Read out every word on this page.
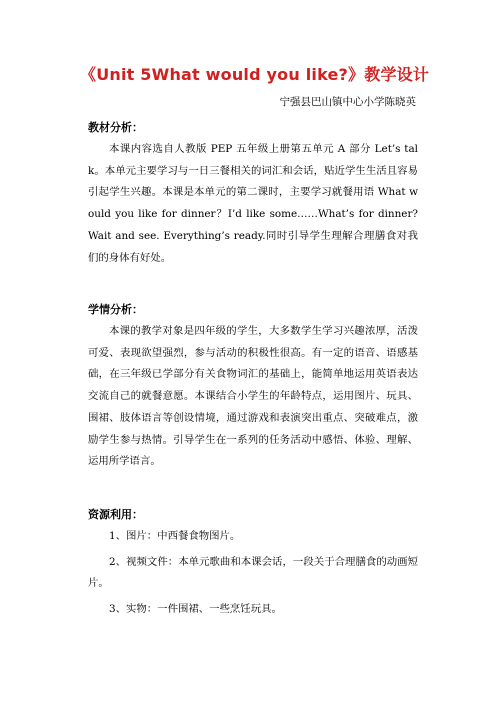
《Unit 5What would you like?》教学设计
宁强县巴山镇中心小学陈晓英

教材分析：

本课内容选自人教版 PEP 五年级上册第五单元 A 部分 Let’s talk。本单元主要学习与一日三餐相关的词汇和会话，贴近学生生活且容易引起学生兴趣。本课是本单元的第二课时，主要学习就餐用语 What would you like for dinner？I’d like some……What’s for dinner? Wait and see. Everything’s ready.同时引导学生理解合理膳食对我们的身体有好处。

学情分析：

本课的教学对象是四年级的学生，大多数学生学习兴趣浓厚，活泼可爱、表现欲望强烈，参与活动的积极性很高。有一定的语音、语感基础，在三年级已学部分有关食物词汇的基础上，能简单地运用英语表达交流自己的就餐意愿。本课结合小学生的年龄特点，运用图片、玩具、围裙、肢体语言等创设情境，通过游戏和表演突出重点、突破难点，激励学生参与热情。引导学生在一系列的任务活动中感悟、体验、理解、运用所学语言。

资源利用：

1、图片：中西餐食物图片。

2、视频文件：本单元歌曲和本课会话，一段关于合理膳食的动画短片。

3、实物：一件围裙、一些烹饪玩具。
